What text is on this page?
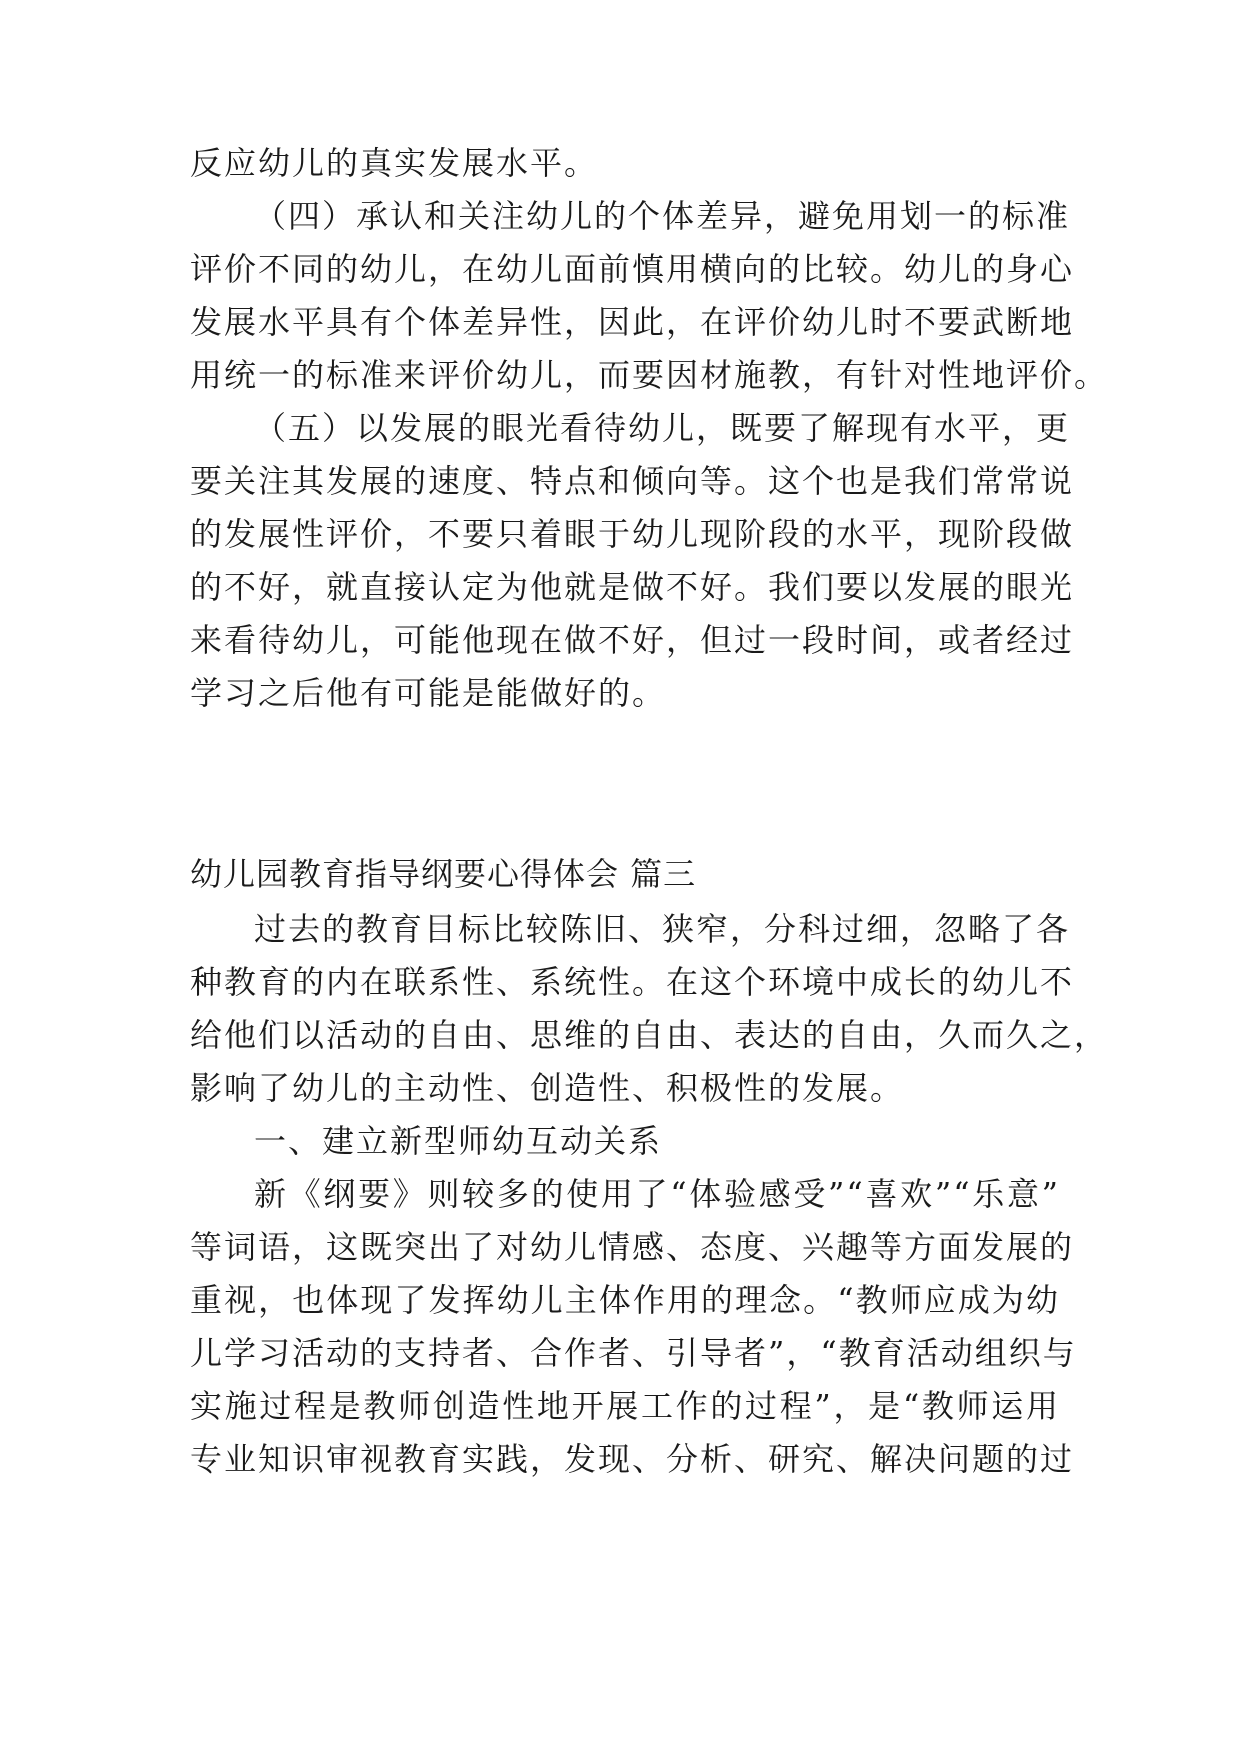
反应幼儿的真实发展水平。
（四）承认和关注幼儿的个体差异，避免用划一的标准
评价不同的幼儿，在幼儿面前慎用横向的比较。幼儿的身心
发展水平具有个体差异性，因此，在评价幼儿时不要武断地
用统一的标准来评价幼儿，而要因材施教，有针对性地评价。
（五）以发展的眼光看待幼儿，既要了解现有水平，更
要关注其发展的速度、特点和倾向等。这个也是我们常常说
的发展性评价，不要只着眼于幼儿现阶段的水平，现阶段做
的不好，就直接认定为他就是做不好。我们要以发展的眼光
来看待幼儿，可能他现在做不好，但过一段时间，或者经过
学习之后他有可能是能做好的。
幼儿园教育指导纲要心得体会 篇三
过去的教育目标比较陈旧、狭窄，分科过细，忽略了各
种教育的内在联系性、系统性。在这个环境中成长的幼儿不
给他们以活动的自由、思维的自由、表达的自由，久而久之，
影响了幼儿的主动性、创造性、积极性的发展。
一、建立新型师幼互动关系
新《纲要》则较多的使用了“体验感受”“喜欢”“乐意”
等词语，这既突出了对幼儿情感、态度、兴趣等方面发展的
重视，也体现了发挥幼儿主体作用的理念。“教师应成为幼
儿学习活动的支持者、合作者、引导者”，“教育活动组织与
实施过程是教师创造性地开展工作的过程”，是“教师运用
专业知识审视教育实践，发现、分析、研究、解决问题的过
